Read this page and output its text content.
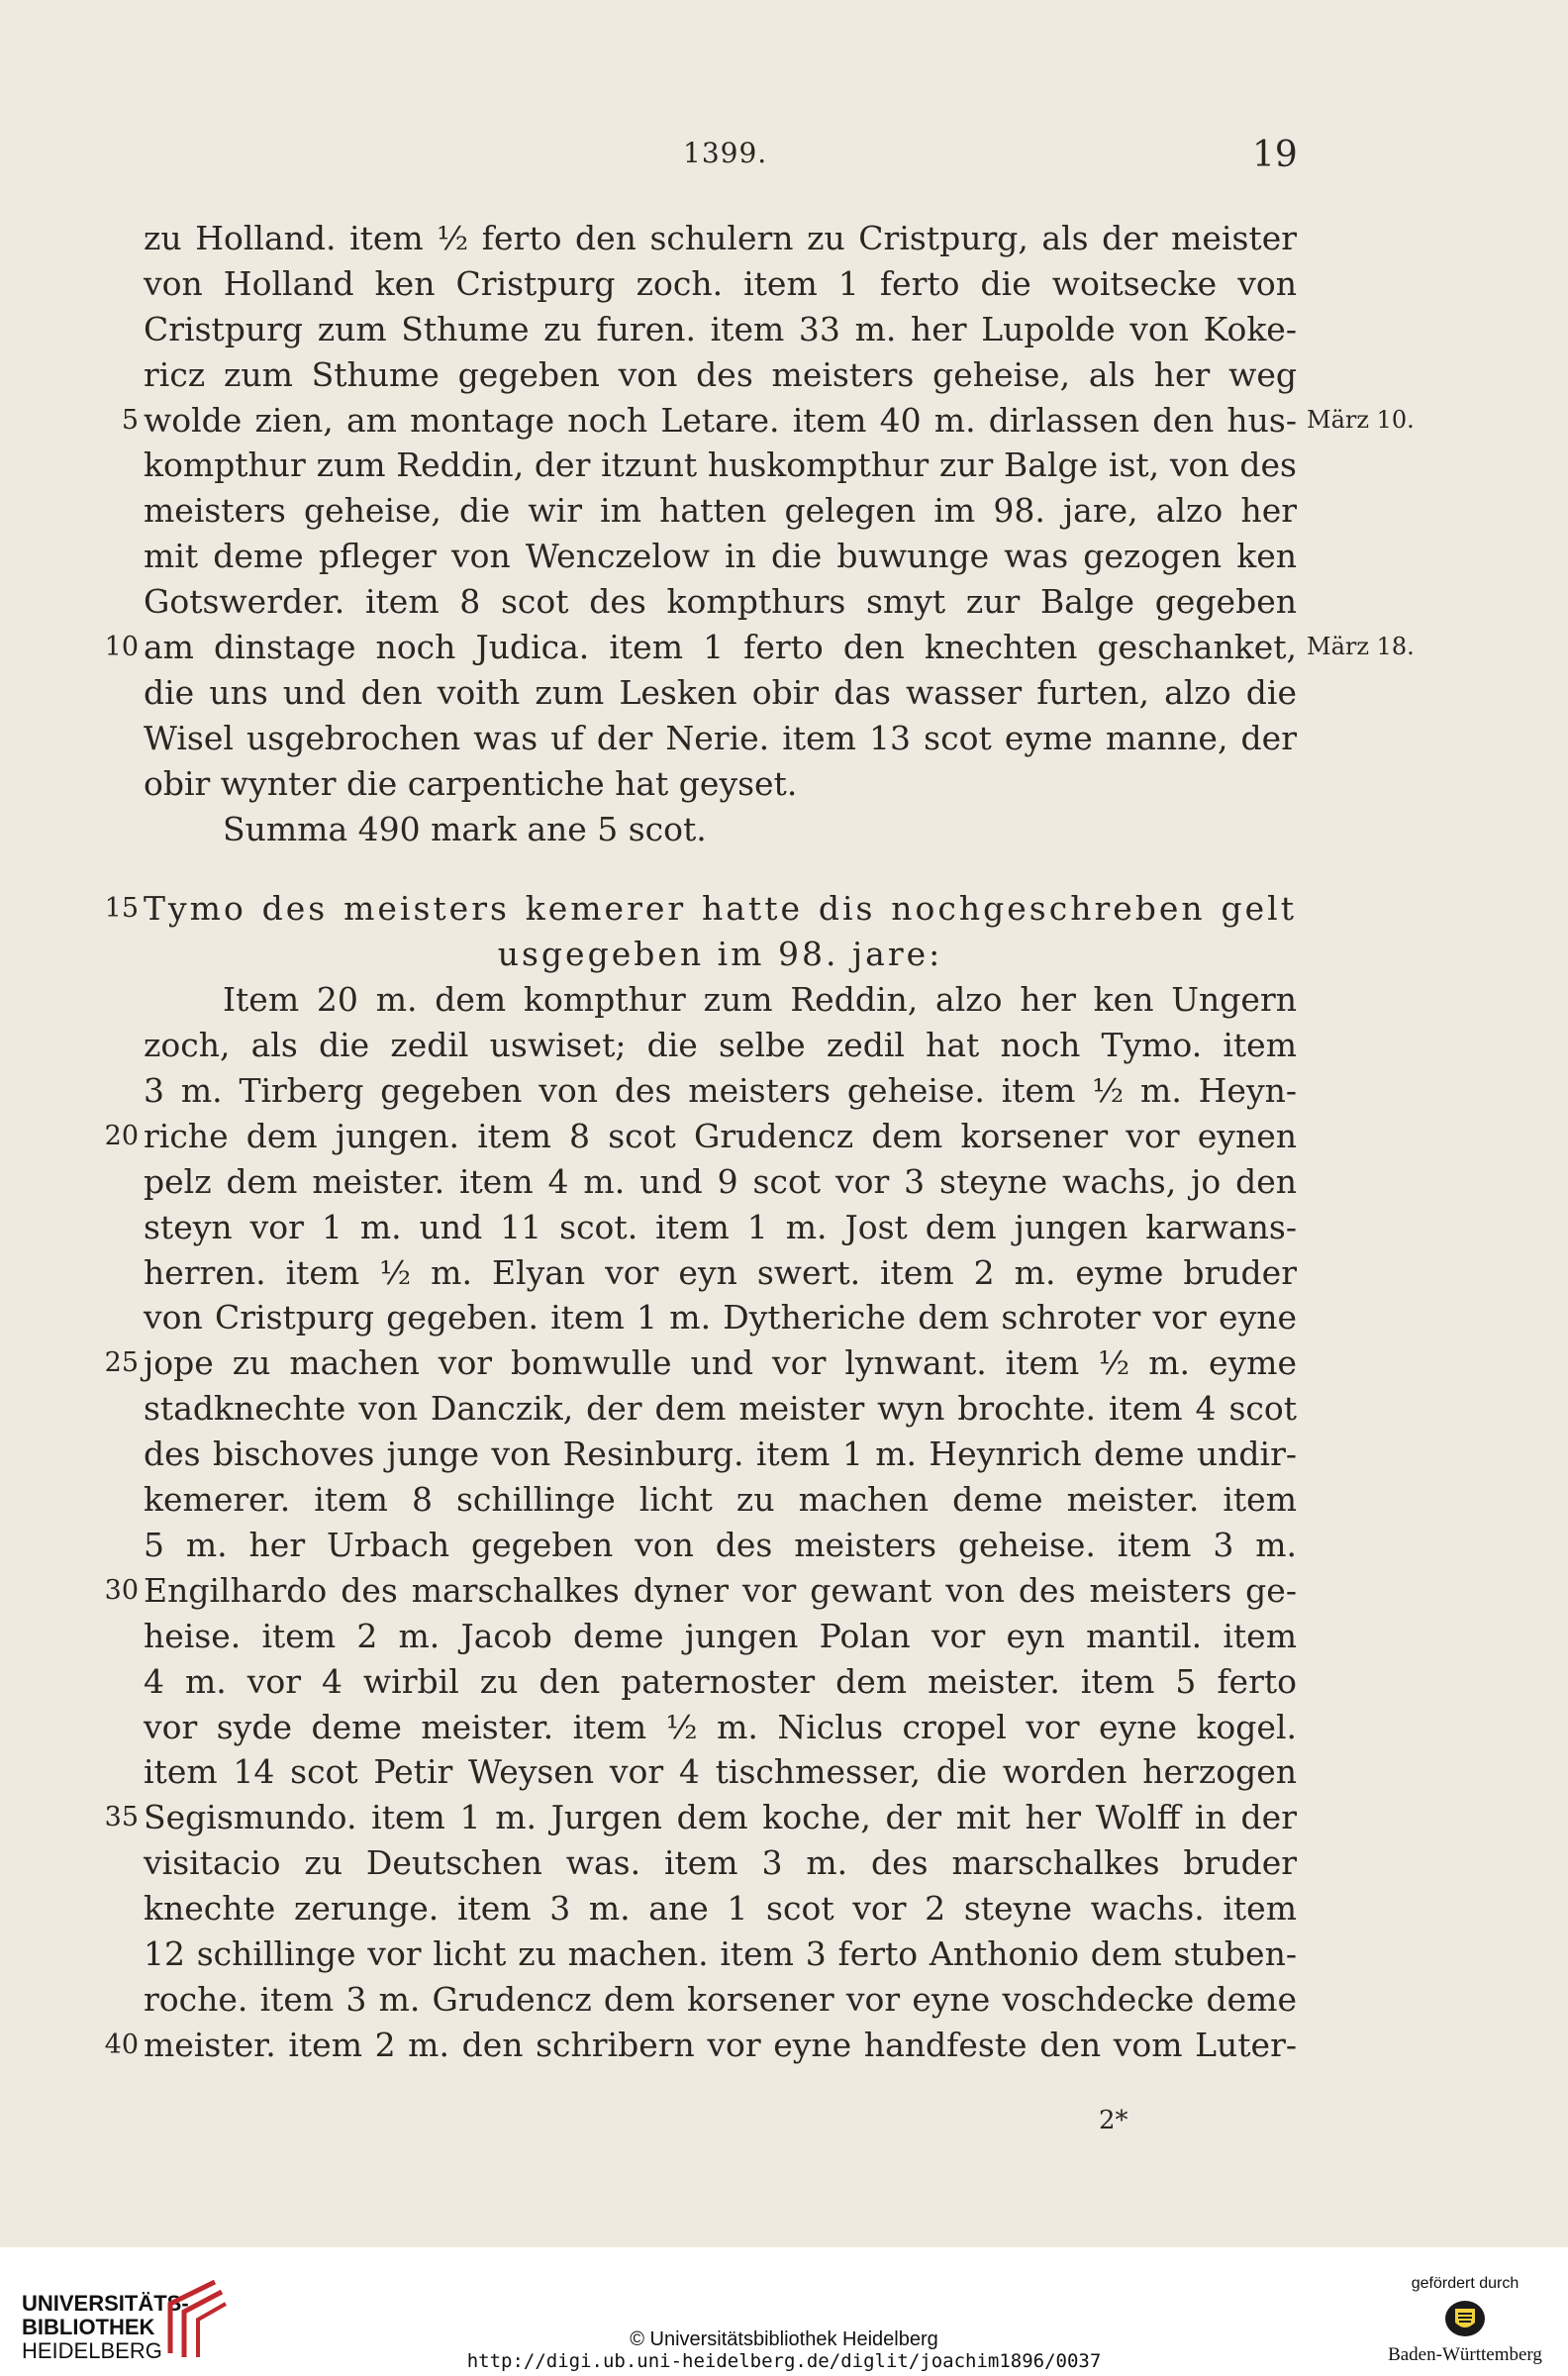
1399.	19
zu Holland. item ½ ferto den schulern zu Cristpurg, als der meister
von Holland ken Cristpurg zoch. item 1 ferto die woitsecke von
Cristpurg zum Sthume zu furen. item 33 m. her Lupolde von Koke-
ricz zum Sthume gegeben von des meisters geheise, als her weg
wolde zien, am montage noch Letare. item 40 m. dirlassen den hus-
5	März 10.
kompthur zum Reddin, der itzunt huskompthur zur Balge ist, von des
meisters geheise, die wir im hatten gelegen im 98. jare, alzo her
mit deme pfleger von Wenczelow in die buwunge was gezogen ken
Gotswerder. item 8 scot des kompthurs smyt zur Balge gegeben
am dinstage noch Judica. item 1 ferto den knechten geschanket,
10	März 18.
die uns und den voith zum Lesken obir das wasser furten, alzo die
Wisel usgebrochen was uf der Nerie. item 13 scot eyme manne, der
obir wynter die carpentiche hat geyset.
Summa 490 mark ane 5 scot.
Tymo des meisters kemerer hatte dis nochgeschreben gelt
15
usgegeben im 98. jare:
Item 20 m. dem kompthur zum Reddin, alzo her ken Ungern
zoch, als die zedil uswiset; die selbe zedil hat noch Tymo. item
3 m. Tirberg gegeben von des meisters geheise. item ½ m. Heyn-
riche dem jungen. item 8 scot Grudencz dem korsener vor eynen
20
pelz dem meister. item 4 m. und 9 scot vor 3 steyne wachs, jo den
steyn vor 1 m. und 11 scot. item 1 m. Jost dem jungen karwans-
herren. item ½ m. Elyan vor eyn swert. item 2 m. eyme bruder
von Cristpurg gegeben. item 1 m. Dytheriche dem schroter vor eyne
jope zu machen vor bomwulle und vor lynwant. item ½ m. eyme
25
stadknechte von Danczik, der dem meister wyn brochte. item 4 scot
des bischoves junge von Resinburg. item 1 m. Heynrich deme undir-
kemerer. item 8 schillinge licht zu machen deme meister. item
5 m. her Urbach gegeben von des meisters geheise. item 3 m.
Engilhardo des marschalkes dyner vor gewant von des meisters ge-
30
heise. item 2 m. Jacob deme jungen Polan vor eyn mantil. item
4 m. vor 4 wirbil zu den paternoster dem meister. item 5 ferto
vor syde deme meister. item ½ m. Niclus cropel vor eyne kogel.
item 14 scot Petir Weysen vor 4 tischmesser, die worden herzogen
Segismundo. item 1 m. Jurgen dem koche, der mit her Wolff in der
35
visitacio zu Deutschen was. item 3 m. des marschalkes bruder
knechte zerunge. item 3 m. ane 1 scot vor 2 steyne wachs. item
12 schillinge vor licht zu machen. item 3 ferto Anthonio dem stuben-
roche. item 3 m. Grudencz dem korsener vor eyne voschdecke deme
meister. item 2 m. den schribern vor eyne handfeste den vom Luter-
40
2*
UNIVERSITÄTS-
BIBLIOTHEK
HEIDELBERG	© Universitätsbibliothek Heidelberg
http://digi.ub.uni-heidelberg.de/diglit/joachim1896/0037
gefördert durch
Baden-Württemberg
